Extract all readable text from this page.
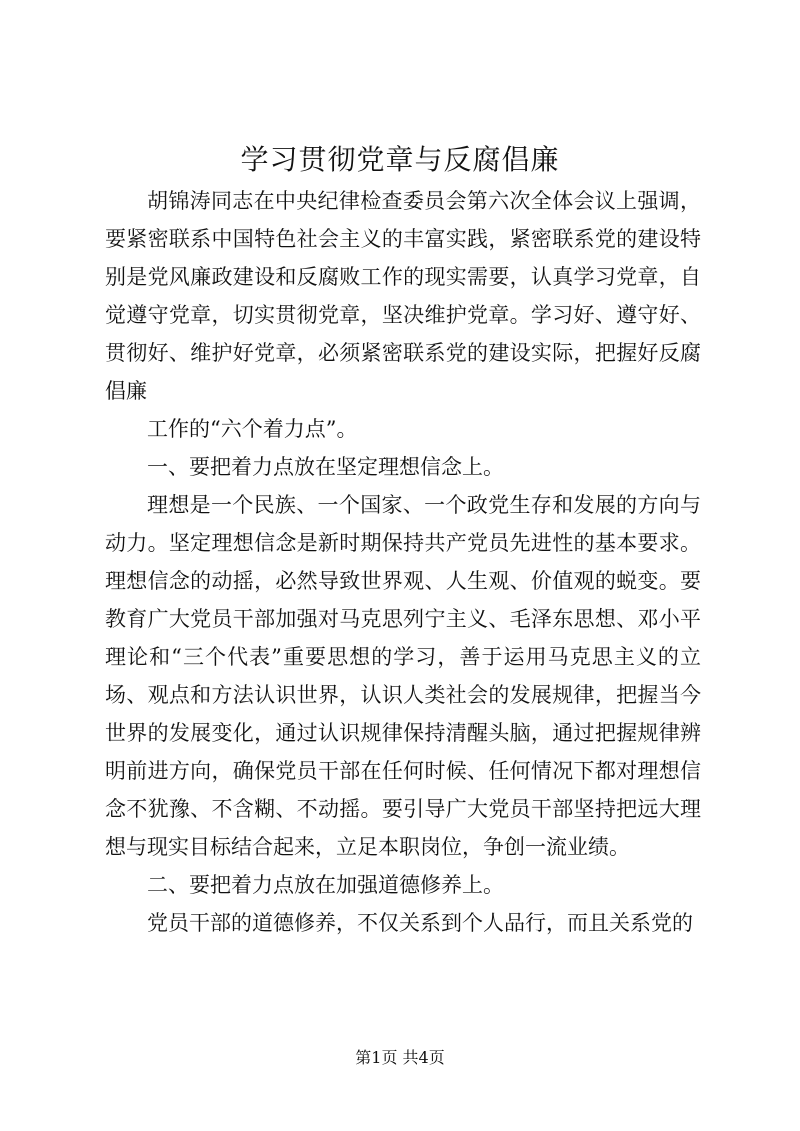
学习贯彻党章与反腐倡廉

胡锦涛同志在中央纪律检查委员会第六次全体会议上强调，要紧密联系中国特色社会主义的丰富实践，紧密联系党的建设特别是党风廉政建设和反腐败工作的现实需要，认真学习党章，自觉遵守党章，切实贯彻党章，坚决维护党章。学习好、遵守好、贯彻好、维护好党章，必须紧密联系党的建设实际，把握好反腐倡廉

工作的“六个着力点”。

一、要把着力点放在坚定理想信念上。

理想是一个民族、一个国家、一个政党生存和发展的方向与动力。坚定理想信念是新时期保持共产党员先进性的基本要求。理想信念的动摇，必然导致世界观、人生观、价值观的蜕变。要教育广大党员干部加强对马克思列宁主义、毛泽东思想、邓小平理论和“三个代表”重要思想的学习，善于运用马克思主义的立场、观点和方法认识世界，认识人类社会的发展规律，把握当今世界的发展变化，通过认识规律保持清醒头脑，通过把握规律辨明前进方向，确保党员干部在任何时候、任何情况下都对理想信念不犹豫、不含糊、不动摇。要引导广大党员干部坚持把远大理想与现实目标结合起来，立足本职岗位，争创一流业绩。

二、要把着力点放在加强道德修养上。

党员干部的道德修养，不仅关系到个人品行，而且关系党的

第1页 共4页
